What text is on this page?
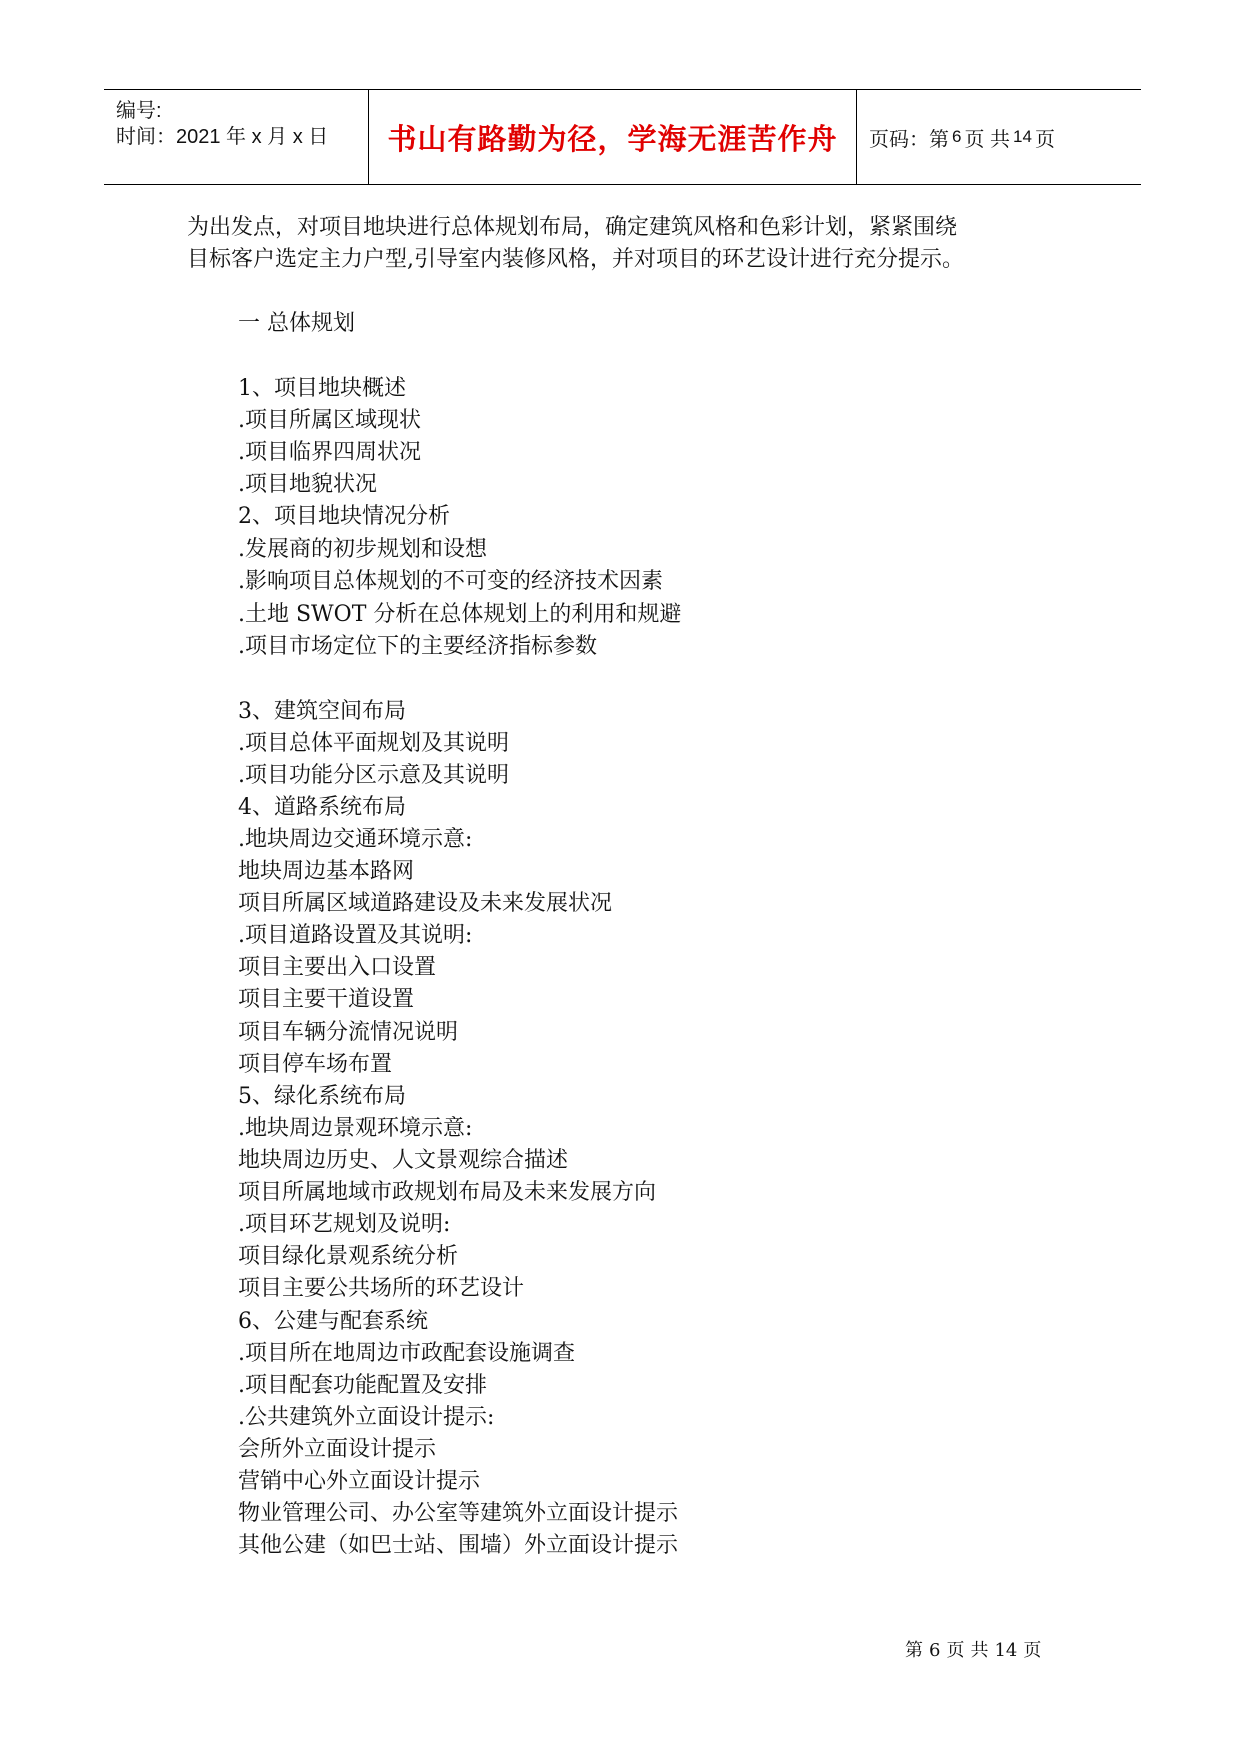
编号:
时间：2021 年 x 月 x 日 书山有路勤为径，学海无涯苦作舟 页码：第 6 页 共 14 页
为出发点，对项目地块进行总体规划布局，确定建筑风格和色彩计划，紧紧围绕
目标客户选定主力户型,引导室内装修风格，并对项目的环艺设计进行充分提示。
一 总体规划
1、项目地块概述
.项目所属区域现状
.项目临界四周状况
.项目地貌状况
2、项目地块情况分析
.发展商的初步规划和设想
.影响项目总体规划的不可变的经济技术因素
.土地 SWOT 分析在总体规划上的利用和规避
.项目市场定位下的主要经济指标参数
3、建筑空间布局
.项目总体平面规划及其说明
.项目功能分区示意及其说明
4、道路系统布局
.地块周边交通环境示意:
地块周边基本路网
项目所属区域道路建设及未来发展状况
.项目道路设置及其说明:
项目主要出入口设置
项目主要干道设置
项目车辆分流情况说明
项目停车场布置
5、绿化系统布局
.地块周边景观环境示意:
地块周边历史、人文景观综合描述
项目所属地域市政规划布局及未来发展方向
.项目环艺规划及说明:
项目绿化景观系统分析
项目主要公共场所的环艺设计
6、公建与配套系统
.项目所在地周边市政配套设施调查
.项目配套功能配置及安排
.公共建筑外立面设计提示:
会所外立面设计提示
营销中心外立面设计提示
物业管理公司、办公室等建筑外立面设计提示
其他公建（如巴士站、围墙）外立面设计提示
第 6 页 共 14 页
